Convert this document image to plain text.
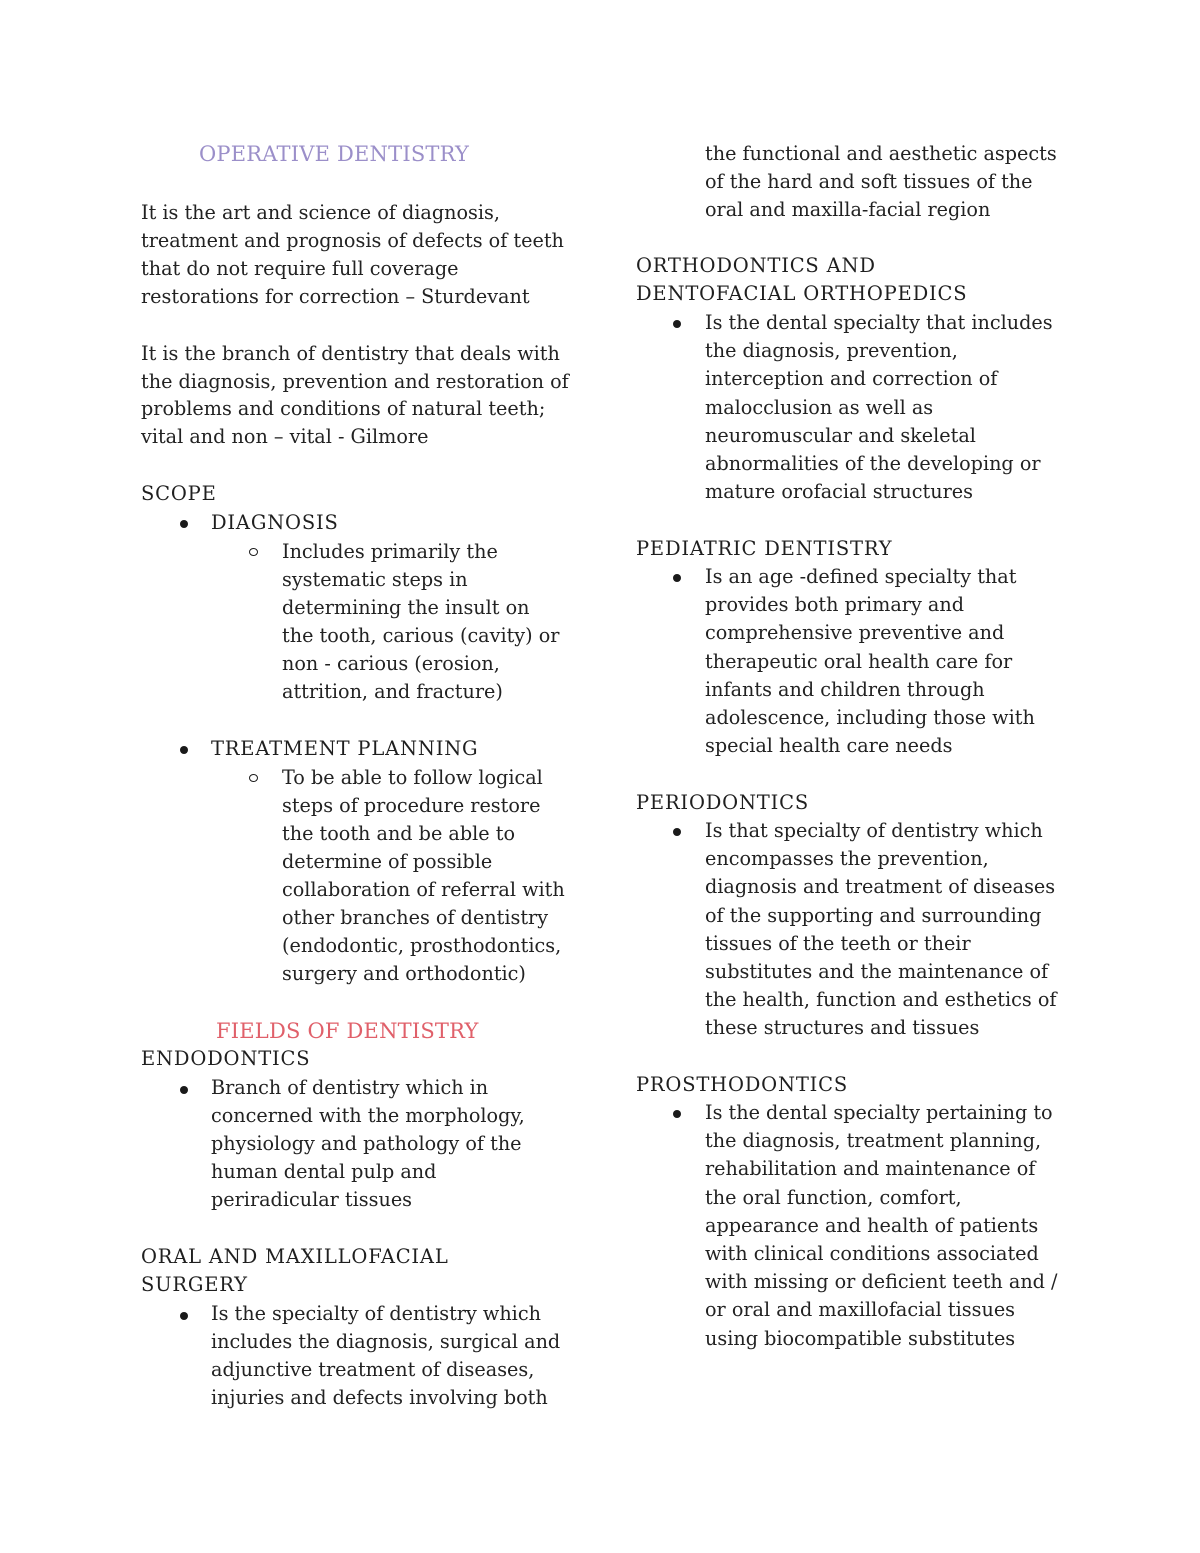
OPERATIVE DENTISTRY
It is the art and science of diagnosis,
treatment and prognosis of defects of teeth
that do not require full coverage
restorations for correction – Sturdevant
It is the branch of dentistry that deals with
the diagnosis, prevention and restoration of
problems and conditions of natural teeth;
vital and non – vital - Gilmore
SCOPE
DIAGNOSIS
Includes primarily the
systematic steps in
determining the insult on
the tooth, carious (cavity) or
non - carious (erosion,
attrition, and fracture)
TREATMENT PLANNING
To be able to follow logical
steps of procedure restore
the tooth and be able to
determine of possible
collaboration of referral with
other branches of dentistry
(endodontic, prosthodontics,
surgery and orthodontic)
FIELDS OF DENTISTRY
ENDODONTICS
Branch of dentistry which in
concerned with the morphology,
physiology and pathology of the
human dental pulp and
periradicular tissues
ORAL AND MAXILLOFACIAL
SURGERY
Is the specialty of dentistry which
includes the diagnosis, surgical and
adjunctive treatment of diseases,
injuries and defects involving both
the functional and aesthetic aspects
of the hard and soft tissues of the
oral and maxilla-facial region
ORTHODONTICS AND
DENTOFACIAL ORTHOPEDICS
Is the dental specialty that includes
the diagnosis, prevention,
interception and correction of
malocclusion as well as
neuromuscular and skeletal
abnormalities of the developing or
mature orofacial structures
PEDIATRIC DENTISTRY
Is an age -defined specialty that
provides both primary and
comprehensive preventive and
therapeutic oral health care for
infants and children through
adolescence, including those with
special health care needs
PERIODONTICS
Is that specialty of dentistry which
encompasses the prevention,
diagnosis and treatment of diseases
of the supporting and surrounding
tissues of the teeth or their
substitutes and the maintenance of
the health, function and esthetics of
these structures and tissues
PROSTHODONTICS
Is the dental specialty pertaining to
the diagnosis, treatment planning,
rehabilitation and maintenance of
the oral function, comfort,
appearance and health of patients
with clinical conditions associated
with missing or deficient teeth and /
or oral and maxillofacial tissues
using biocompatible substitutes
